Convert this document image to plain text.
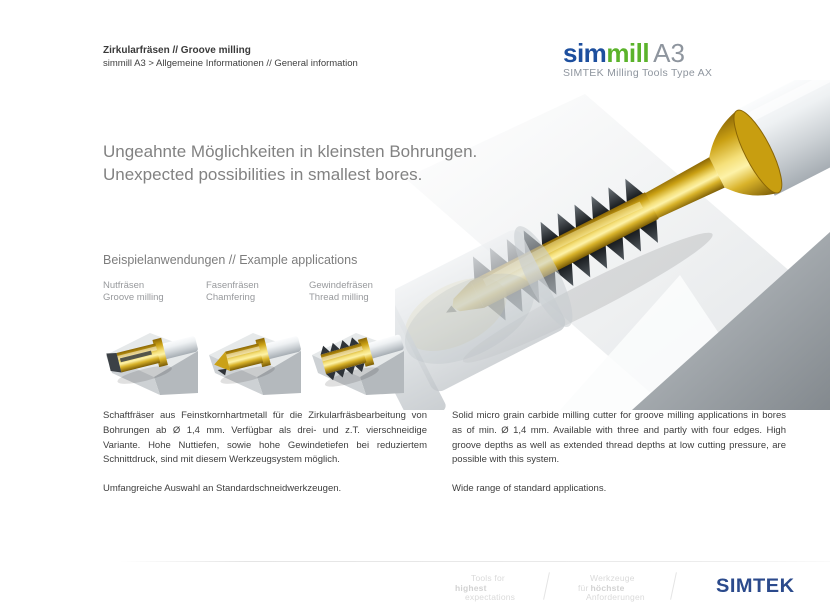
Zirkularfräsen // Groove milling
simmill A3 > Allgemeine Informationen // General information	simmill A3
SIMTEK Milling Tools Type AX
Ungeahnte Möglichkeiten in kleinsten Bohrungen.
Unexpected possibilities in smallest bores.
Beispielanwendungen // Example applications
Nutfräsen
Groove milling
Fasenfräsen
Chamfering
Gewindefräsen
Thread milling
Schaftfräser aus Feinstkornhartmetall für die Zirkularfräsbearbeitung von Bohrungen ab Ø 1,4 mm. Verfügbar als drei- und z.T. vierschneidige Variante. Hohe Nuttiefen, sowie hohe Gewindetiefen bei reduziertem Schnittdruck, sind mit diesem Werkzeugsystem möglich.
Umfangreiche Auswahl an Standardschneidwerkzeugen.
Solid micro grain carbide milling cutter for groove milling applications in bores as of min. Ø 1,4 mm. Available with three and partly with four edges. High groove depths as well as extended thread depths at low cutting pressure, are possible with this system.
Wide range of standard applications.
Tools for
highest
expectations
Werkzeuge
für höchste
Anforderungen
SIMTEK
